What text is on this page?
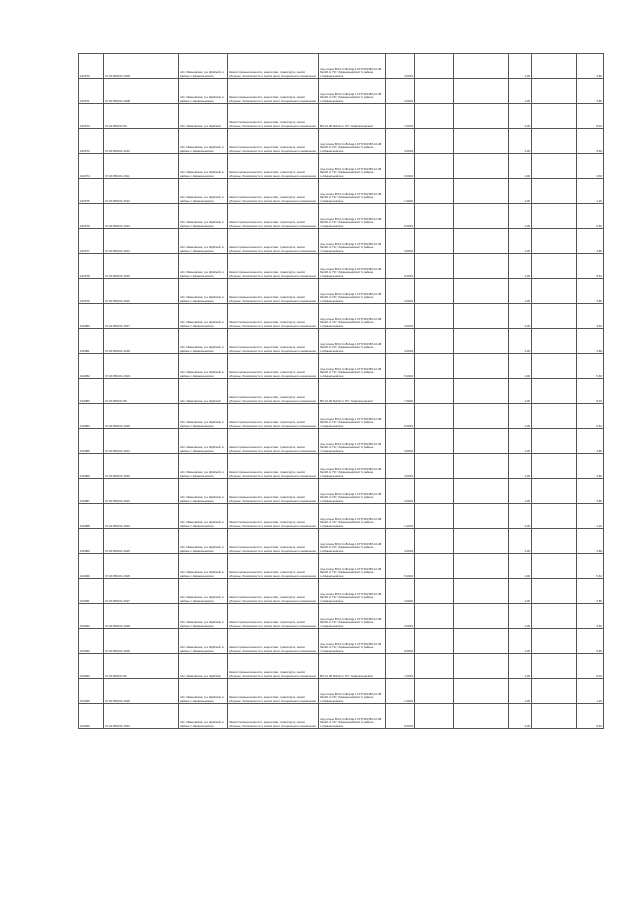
162070	37:20:050101:1605	обл. Ивановская, р-н Шуйский, в районе с.Афанасьевское	Земли промышленности, энергетики, транспорта, земли обороны, безопасности и земли иного специального назначения	под опоры ВЛ-0,4 кВ фид.1 КТП 663 ВЛ-10 кВ №120 от ПС "Афанасьевская" в районе с.Афанасьевское	4,0004			1,00		4,80
162071	37:20:050101:1608	обл. Ивановская, р-н Шуйский, в районе с.Афанасьевское	Земли промышленности, энергетики, транспорта, земли обороны, безопасности и земли иного специального назначения	под опоры ВЛ-0,4 кВ фид.1 КТП 663 ВЛ-10 кВ №120 от ПС "Афанасьевская" в районе с.Афанасьевское	4,0004			1,00		4,80
162072	37:20:050101:54	обл. Ивановская, р-н Шуйский	Земли промышленности, энергетики, транспорта, земли обороны, безопасности и земли иного специального назначения	ВЛ-10 кВ №120 от ПС "Афанасьевская"	7,0004			1,00		8,04
162073	37:20:050101:1610	обл. Ивановская, р-н Шуйский, в районе с.Афанасьевское	Земли промышленности, энергетики, транспорта, земли обороны, безопасности и земли иного специального назначения	под опоры ВЛ-0,4 кВ фид.1 КТП 663 ВЛ-10 кВ №120 от ПС "Афанасьевская" в районе с.Афанасьевское	3,0004			1,00		3,60
162074	37:20:050101:1611	обл. Ивановская, р-н Шуйский, в районе с.Афанасьевское	Земли промышленности, энергетики, транспорта, земли обороны, безопасности и земли иного специального назначения	под опоры ВЛ-0,4 кВ фид.1 КТП 663 ВЛ-10 кВ №120 от ПС "Афанасьевская" в районе с.Афанасьевское	3,0004			1,00		3,60
162075	37:20:050101:1612	обл. Ивановская, р-н Шуйский, в районе с.Афанасьевское	Земли промышленности, энергетики, транспорта, земли обороны, безопасности и земли иного специального назначения	под опоры ВЛ-0,4 кВ фид.1 КТП 663 ВЛ-10 кВ №120 от ПС "Афанасьевская" в районе с.Афанасьевское	1,0004			1,00		1,20
162076	37:20:050101:1613	обл. Ивановская, р-н Шуйский, в районе с.Афанасьевское	Земли промышленности, энергетики, транспорта, земли обороны, безопасности и земли иного специального назначения	под опоры ВЛ-0,4 кВ фид.1 КТП 663 ВЛ-10 кВ №120 от ПС "Афанасьевская" в районе с.Афанасьевское	5,0004			1,00		5,60
162077	37:20:050101:1614	обл. Ивановская, р-н Шуйский, в районе с.Афанасьевское	Земли промышленности, энергетики, транспорта, земли обороны, безопасности и земли иного специального назначения	под опоры ВЛ-0,4 кВ фид.1 КТП 663 ВЛ-10 кВ №120 от ПС "Афанасьевская" в районе с.Афанасьевское	4,0004			1,00		4,80
162078	37:20:050101:1615	обл. Ивановская, р-н Шуйский, в районе с.Афанасьевское	Земли промышленности, энергетики, транспорта, земли обороны, безопасности и земли иного специального назначения	под опоры ВЛ-0,4 кВ фид.1 КТП 663 ВЛ-10 кВ №120 от ПС "Афанасьевская" в районе с.Афанасьевское	5,0004			1,00		5,64
162079	37:20:050101:1616	обл. Ивановская, р-н Шуйский, в районе с.Афанасьевское	Земли промышленности, энергетики, транспорта, земли обороны, безопасности и земли иного специального назначения	под опоры ВЛ-0,4 кВ фид.1 КТП 663 ВЛ-10 кВ №120 от ПС "Афанасьевская" в районе с.Афанасьевское	4,0004			1,00		4,80
162080	37:20:050101:1617	обл. Ивановская, р-н Шуйский, в районе с.Афанасьевское	Земли промышленности, энергетики, транспорта, земли обороны, безопасности и земли иного специального назначения	под опоры ВЛ-0,4 кВ фид.1 КТП 663 ВЛ-10 кВ №120 от ПС "Афанасьевская" в районе с.Афанасьевское	3,0004			1,00		3,60
162081	37:20:050101:1618	обл. Ивановская, р-н Шуйский, в районе с.Афанасьевское	Земли промышленности, энергетики, транспорта, земли обороны, безопасности и земли иного специального назначения	под опоры ВЛ-0,4 кВ фид.1 КТП 663 ВЛ-10 кВ №120 от ПС "Афанасьевская" в районе с.Афанасьевское	4,0004			1,00		4,80
162082	37:20:050101:1619	обл. Ивановская, р-н Шуйский, в районе с.Афанасьевское	Земли промышленности, энергетики, транспорта, земли обороны, безопасности и земли иного специального назначения	под опоры ВЛ-0,4 кВ фид.1 КТП 663 ВЛ-10 кВ №120 от ПС "Афанасьевская" в районе с.Афанасьевское	5,0004			1,00		5,60
162083	37:20:050101:55	обл. Ивановская, р-н Шуйский	Земли промышленности, энергетики, транспорта, земли обороны, безопасности и земли иного специального назначения	ВЛ-10 кВ №120 от ПС "Афанасьевская"	7,0004			1,00		8,04
162084	37:20:050101:1620	обл. Ивановская, р-н Шуйский, в районе с.Афанасьевское	Земли промышленности, энергетики, транспорта, земли обороны, безопасности и земли иного специального назначения	под опоры ВЛ-0,4 кВ фид.1 КТП 663 ВЛ-10 кВ №120 от ПС "Афанасьевская" в районе с.Афанасьевское	5,0004			1,00		5,64
162085	37:20:050101:1621	обл. Ивановская, р-н Шуйский, в районе с.Афанасьевское	Земли промышленности, энергетики, транспорта, земли обороны, безопасности и земли иного специального назначения	под опоры ВЛ-0,4 кВ фид.1 КТП 663 ВЛ-10 кВ №120 от ПС "Афанасьевская" в районе с.Афанасьевское	4,0004			1,00		4,80
162086	37:20:050101:1622	обл. Ивановская, р-н Шуйский, в районе с.Афанасьевское	Земли промышленности, энергетики, транспорта, земли обороны, безопасности и земли иного специального назначения	под опоры ВЛ-0,4 кВ фид.1 КТП 663 ВЛ-10 кВ №120 от ПС "Афанасьевская" в районе с.Афанасьевское	4,0004			1,00		4,80
162087	37:20:050101:1623	обл. Ивановская, р-н Шуйский, в районе с.Афанасьевское	Земли промышленности, энергетики, транспорта, земли обороны, безопасности и земли иного специального назначения	под опоры ВЛ-0,4 кВ фид.1 КТП 663 ВЛ-10 кВ №120 от ПС "Афанасьевская" в районе с.Афанасьевское	4,0004			1,00		4,80
162088	37:20:050101:1624	обл. Ивановская, р-н Шуйский, в районе с.Афанасьевское	Земли промышленности, энергетики, транспорта, земли обороны, безопасности и земли иного специального назначения	под опоры ВЛ-0,4 кВ фид.1 КТП 663 ВЛ-10 кВ №120 от ПС "Афанасьевская" в районе с.Афанасьевское	1,0004			1,00		1,20
162089	37:20:050101:1625	обл. Ивановская, р-н Шуйский, в районе с.Афанасьевское	Земли промышленности, энергетики, транспорта, земли обороны, безопасности и земли иного специального назначения	под опоры ВЛ-0,4 кВ фид.1 КТП 663 ВЛ-10 кВ №120 от ПС "Афанасьевская" в районе с.Афанасьевское	4,0004			1,00		4,80
162090	37:20:050101:1626	обл. Ивановская, р-н Шуйский, в районе с.Афанасьевское	Земли промышленности, энергетики, транспорта, земли обороны, безопасности и земли иного специального назначения	под опоры ВЛ-0,4 кВ фид.1 КТП 663 ВЛ-10 кВ №120 от ПС "Афанасьевская" в районе с.Афанасьевское	5,0004			1,00		5,64
162091	37:20:050101:1627	обл. Ивановская, р-н Шуйский, в районе с.Афанасьевское	Земли промышленности, энергетики, транспорта, земли обороны, безопасности и земли иного специального назначения	под опоры ВЛ-0,4 кВ фид.1 КТП 663 ВЛ-10 кВ №120 от ПС "Афанасьевская" в районе с.Афанасьевское	4,0004			1,00		4,80
162092	37:20:050101:1628	обл. Ивановская, р-н Шуйский, в районе с.Афанасьевское	Земли промышленности, энергетики, транспорта, земли обороны, безопасности и земли иного специального назначения	под опоры ВЛ-0,4 кВ фид.1 КТП 663 ВЛ-10 кВ №120 от ПС "Афанасьевская" в районе с.Афанасьевское	3,0004			1,00		3,60
162093	37:20:050101:1629	обл. Ивановская, р-н Шуйский, в районе с.Афанасьевское	Земли промышленности, энергетики, транспорта, земли обороны, безопасности и земли иного специального назначения	под опоры ВЛ-0,4 кВ фид.1 КТП 663 ВЛ-10 кВ №120 от ПС "Афанасьевская" в районе с.Афанасьевское	5,0004			1,00		5,60
162094	37:20:050101:56	обл. Ивановская, р-н Шуйский	Земли промышленности, энергетики, транспорта, земли обороны, безопасности и земли иного специального назначения	ВЛ-10 кВ №120 от ПС "Афанасьевская"	7,0004			1,00		8,04
162095	37:20:050101:1630	обл. Ивановская, р-н Шуйский, в районе с.Афанасьевское	Земли промышленности, энергетики, транспорта, земли обороны, безопасности и земли иного специального назначения	под опоры ВЛ-0,4 кВ фид.1 КТП 663 ВЛ-10 кВ №120 от ПС "Афанасьевская" в районе с.Афанасьевское	1,0004			1,00		1,20
162096	37:20:050101:1631	обл. Ивановская, р-н Шуйский, в районе с.Афанасьевское	Земли промышленности, энергетики, транспорта, земли обороны, безопасности и земли иного специального назначения	под опоры ВЛ-0,4 кВ фид.1 КТП 663 ВЛ-10 кВ №120 от ПС "Афанасьевская" в районе с.Афанасьевское	5,0004			1,00		5,64
